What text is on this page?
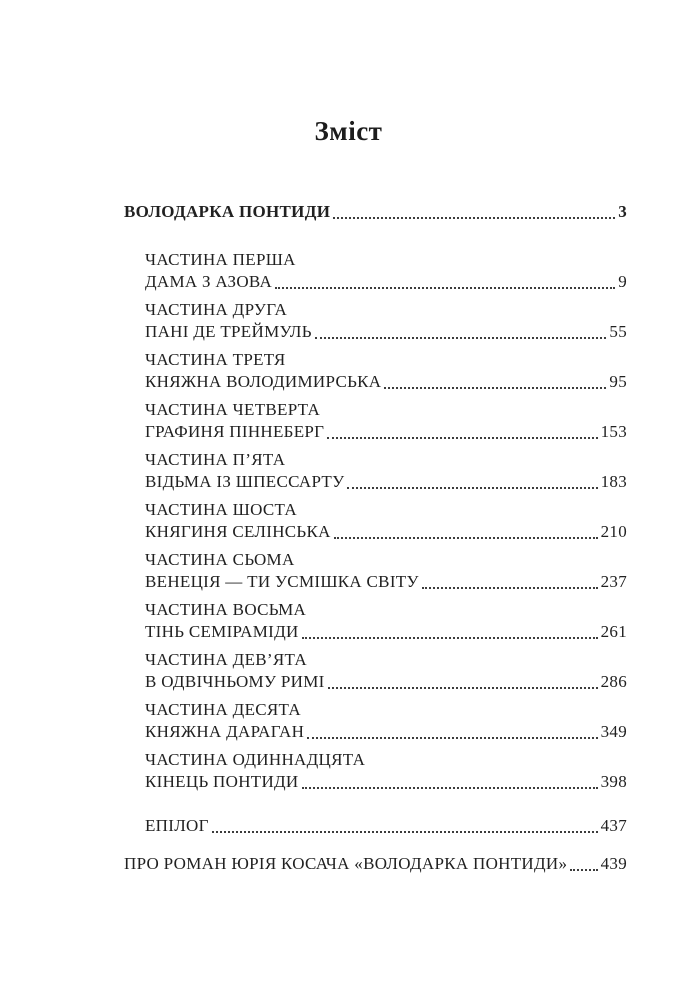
Зміст
ВОЛОДАРКА ПОНТИДИ	3
ЧАСТИНА ПЕРША
ДАМА З АЗОВА	9
ЧАСТИНА ДРУГА
ПАНІ ДЕ ТРЕЙМУЛЬ	55
ЧАСТИНА ТРЕТЯ
КНЯЖНА ВОЛОДИМИРСЬКА	95
ЧАСТИНА ЧЕТВЕРТА
ГРАФИНЯ ПІННЕБЕРГ	153
ЧАСТИНА П’ЯТА
ВІДЬМА ІЗ ШПЕССАРТУ	183
ЧАСТИНА ШОСТА
КНЯГИНЯ СЕЛІНСЬКА	210
ЧАСТИНА СЬОМА
ВЕНЕЦІЯ — ТИ УСМІШКА СВІТУ	237
ЧАСТИНА ВОСЬМА
ТІНЬ СЕМІРАМІДИ	261
ЧАСТИНА ДЕВ’ЯТА
В ОДВІЧНЬОМУ РИМІ	286
ЧАСТИНА ДЕСЯТА
КНЯЖНА ДАРАГАН	349
ЧАСТИНА ОДИННАДЦЯТА
КІНЕЦЬ ПОНТИДИ	398
ЕПІЛОГ	437
ПРО РОМАН ЮРІЯ КОСАЧА «ВОЛОДАРКА ПОНТИДИ» 439
